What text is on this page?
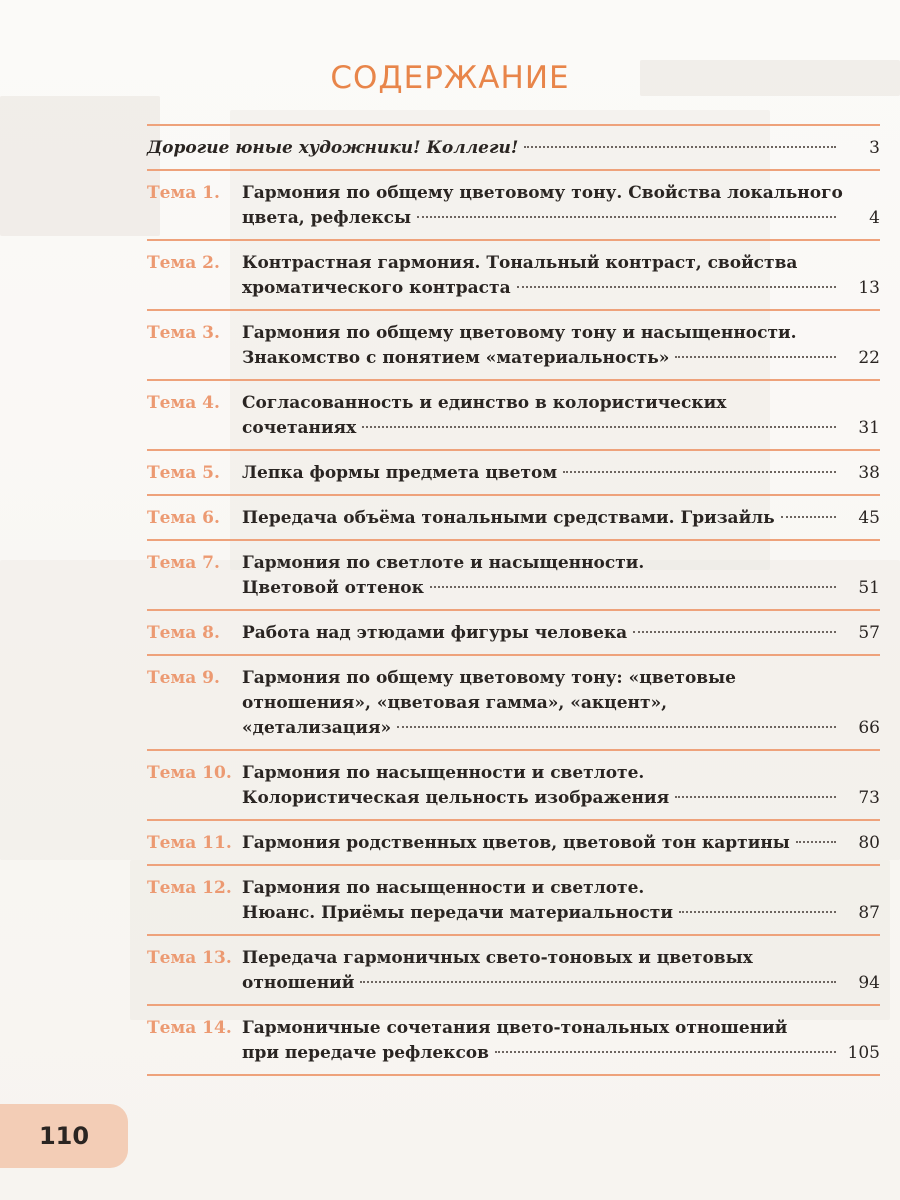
СОДЕРЖАНИЕ
Дорогие юные художники! Коллеги!	3
Тема 1.	Гармония по общему цветовому тону. Свойства локального
цвета, рефлексы	4
Тема 2.	Контрастная гармония. Тональный контраст, свойства
хроматического контраста	13
Тема 3.	Гармония по общему цветовому тону и насыщенности.
Знакомство с понятием «материальность»	22
Тема 4.	Согласованность и единство в колористических
сочетаниях	31
Тема 5.	Лепка формы предмета цветом	38
Тема 6.	Передача объёма тональными средствами. Гризайль	45
Тема 7.	Гармония по светлоте и насыщенности.
Цветовой оттенок	51
Тема 8.	Работа над этюдами фигуры человека	57
Тема 9.	Гармония по общему цветовому тону: «цветовые
отношения», «цветовая гамма», «акцент»,
«детализация»	66
Тема 10. Гармония по насыщенности и светлоте.
Колористическая цельность изображения	73
Тема 11. Гармония родственных цветов, цветовой тон картины	80
Тема 12. Гармония по насыщенности и светлоте.
Нюанс. Приёмы передачи материальности	87
Тема 13. Передача гармоничных свето-тоновых и цветовых
отношений	94
Тема 14. Гармоничные сочетания цвето-тональных отношений
при передаче рефлексов	105
110
